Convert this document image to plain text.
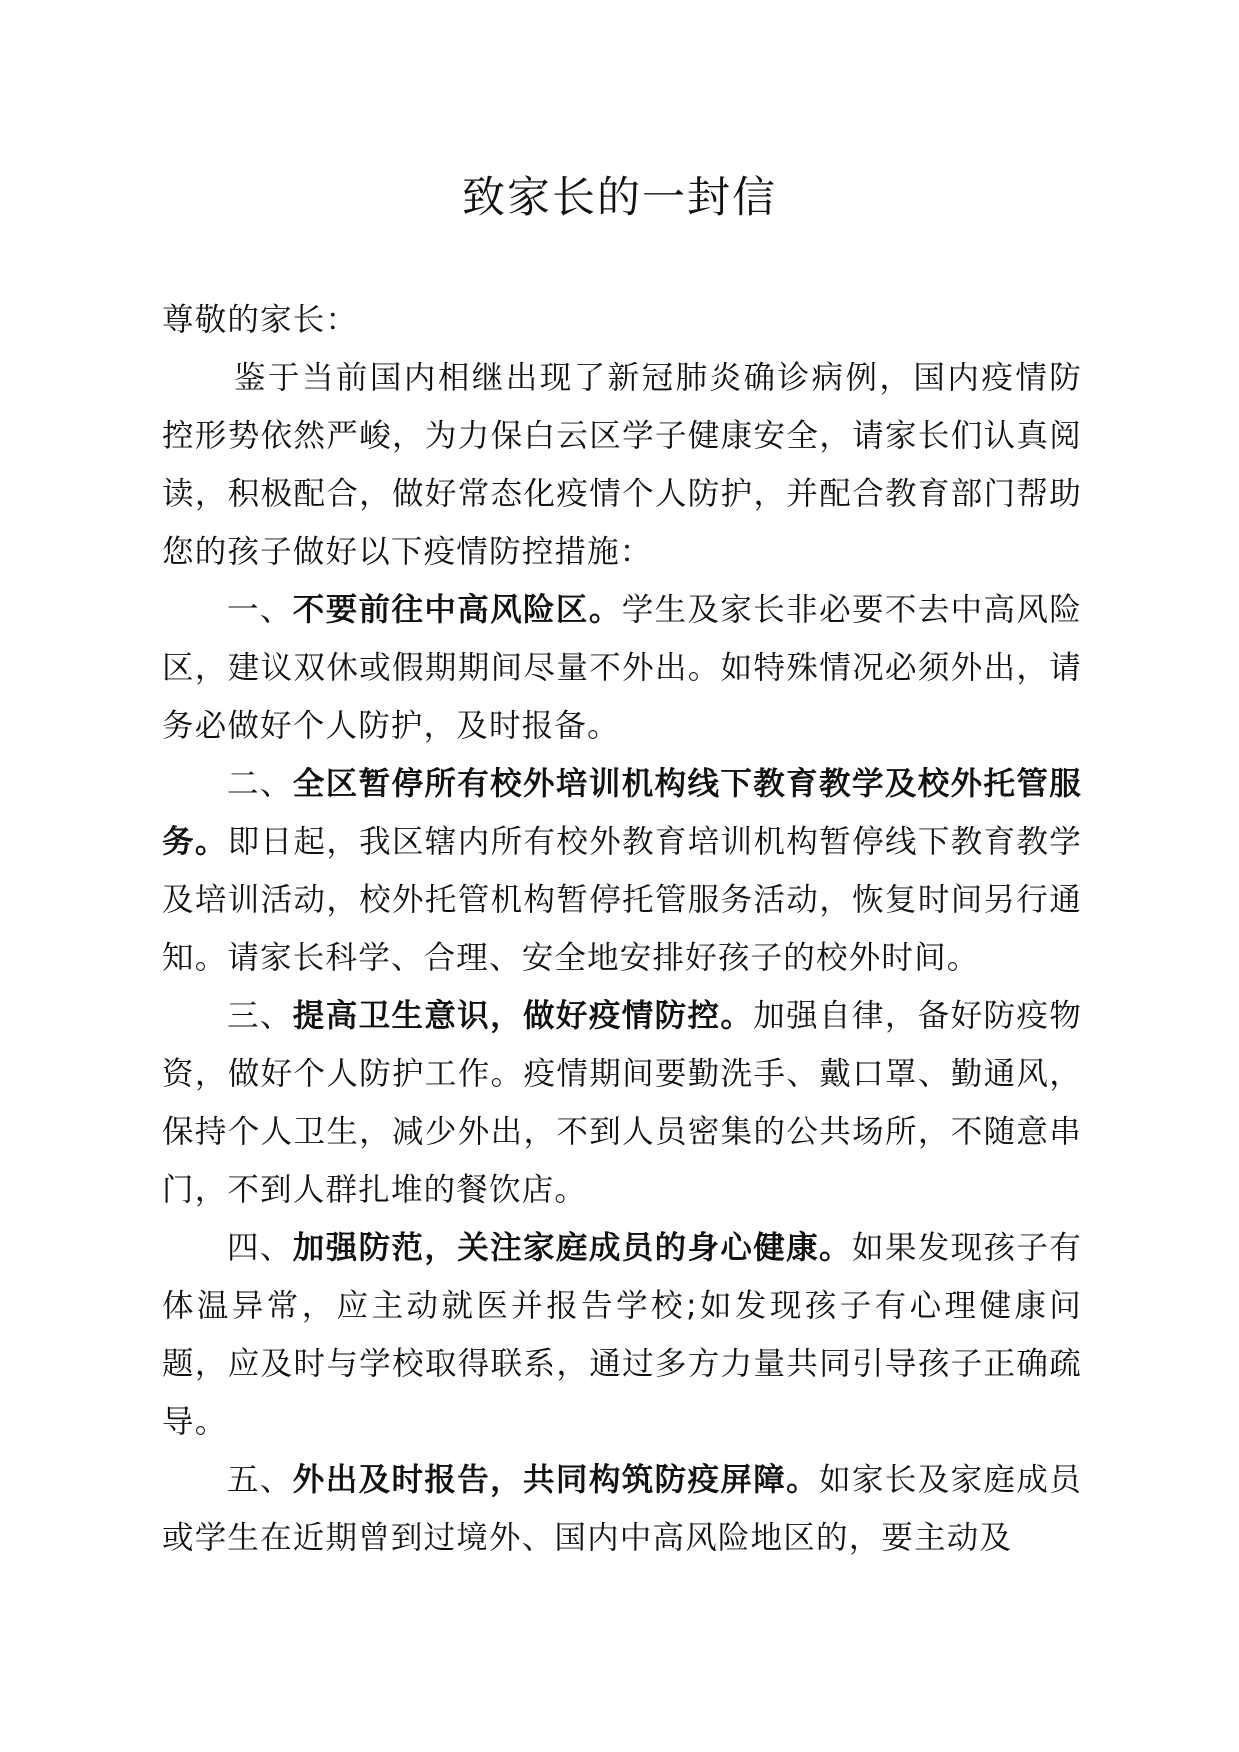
致家长的一封信

尊敬的家长：

鉴于当前国内相继出现了新冠肺炎确诊病例，国内疫情防控形势依然严峻，为力保白云区学子健康安全，请家长们认真阅读，积极配合，做好常态化疫情个人防护，并配合教育部门帮助您的孩子做好以下疫情防控措施：

一、不要前往中高风险区。学生及家长非必要不去中高风险区，建议双休或假期期间尽量不外出。如特殊情况必须外出，请务必做好个人防护，及时报备。

二、全区暂停所有校外培训机构线下教育教学及校外托管服务。即日起，我区辖内所有校外教育培训机构暂停线下教育教学及培训活动，校外托管机构暂停托管服务活动，恢复时间另行通知。请家长科学、合理、安全地安排好孩子的校外时间。

三、提高卫生意识，做好疫情防控。加强自律，备好防疫物资，做好个人防护工作。疫情期间要勤洗手、戴口罩、勤通风，保持个人卫生，减少外出，不到人员密集的公共场所，不随意串门，不到人群扎堆的餐饮店。

四、加强防范，关注家庭成员的身心健康。如果发现孩子有体温异常，应主动就医并报告学校;如发现孩子有心理健康问题，应及时与学校取得联系，通过多方力量共同引导孩子正确疏导。

五、外出及时报告，共同构筑防疫屏障。如家长及家庭成员或学生在近期曾到过境外、国内中高风险地区的，要主动及
